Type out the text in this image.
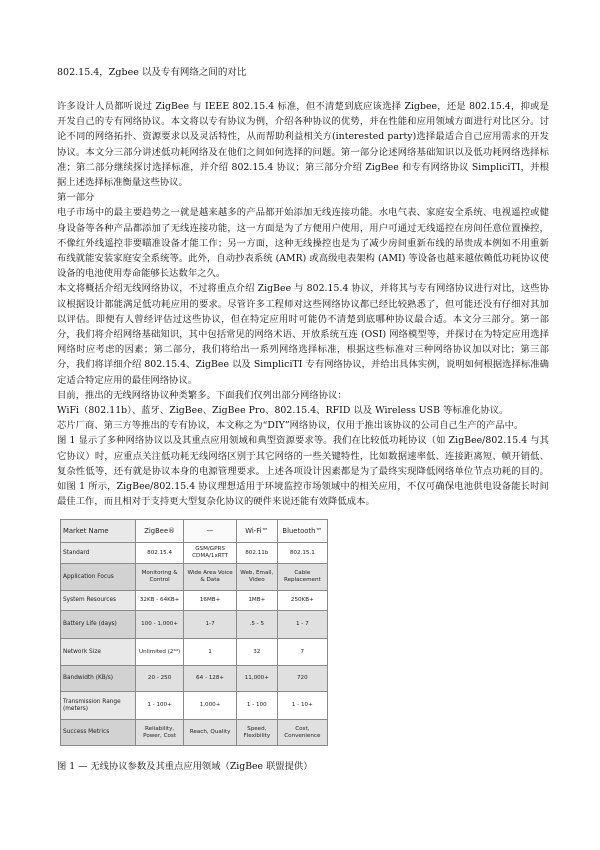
802.15.4，Zgbee 以及专有网络之间的对比

许多设计人员都听说过 ZigBee 与 IEEE 802.15.4 标准，但不清楚到底应该选择 Zigbee，还是 802.15.4，抑或是开发自己的专有网络协议。本文将以专有协议为例，介绍各种协议的优势，并在性能和应用领域方面进行对比区分。讨论不同的网络拓扑、资源要求以及灵活特性，从而帮助利益相关方(interested party)选择最适合自己应用需求的开发协议。本文分三部分讲述低功耗网络及在他们之间如何选择的问题。第一部分论述网络基础知识以及低功耗网络选择标准；第二部分继续探讨选择标准，并介绍 802.15.4 协议；第三部分介绍 ZigBee 和专有网络协议 SimpliciTI，并根据上述选择标准衡量这些协议。

第一部分

电子市场中的最主要趋势之一就是越来越多的产品都开始添加无线连接功能。水电气表、家庭安全系统、电视遥控或健身设备等各种产品都添加了无线连接功能，这一方面是为了方便用户使用，用户可通过无线遥控在房间任意位置操控，不像红外线遥控非要瞄准设备才能工作；另一方面，这种无线操控也是为了减少房间重新布线的昂贵成本例如不用重新布线就能安装家庭安全系统等。此外，自动抄表系统 (AMR) 或高级电表架构 (AMI) 等设备也越来越依赖低功耗协议使设备的电池使用寿命能够长达数年之久。

本文将概括介绍无线网络协议，不过将重点介绍 ZigBee 与 802.15.4 协议，并将其与专有网络协议进行对比，这些协议根据设计都能满足低功耗应用的要求。尽管许多工程师对这些网络协议都已经比较熟悉了，但可能还没有仔细对其加以评估。即便有人曾经评估过这些协议，但在特定应用时可能仍不清楚到底哪种协议最合适。本文分三部分。第一部分，我们将介绍网络基础知识，其中包括常见的网络术语、开放系统互连 (OSI) 网络模型等，并探讨在为特定应用选择网络时应考虑的因素；第二部分，我们将给出一系列网络选择标准，根据这些标准对三种网络协议加以对比；第三部分，我们将详细介绍 802.15.4、ZigBee 以及 SimpliciTI 专有网络协议，并给出具体实例，说明如何根据选择标准确定适合特定应用的最佳网络协议。

目前，推出的无线网络协议种类繁多。下面我们仅列出部分网络协议：

WiFi（802.11b）、蓝牙、ZigBee、ZigBee Pro、802.15.4、RFID 以及 Wireless USB 等标准化协议。

芯片厂商、第三方等推出的专有协议，本文称之为“DIY”网络协议，仅用于推出该协议的公司自己生产的产品中。

图 1 显示了多种网络协议以及其重点应用领域和典型资源要求等。我们在比较低功耗协议（如 ZigBee/802.15.4 与其它协议）时，应重点关注低功耗无线网络区别于其它网络的一些关键特性，比如数据速率低、连接距离短、帧开销低、复杂性低等，还有就是协议本身的电源管理要求。上述各项设计因素都是为了最终实现降低网络单位节点功耗的目的。如图 1 所示，ZigBee/802.15.4 协议理想适用于环境监控市场领域中的相关应用，不仅可确保电池供电设备能长时间最佳工作，而且相对于支持更大型复杂化协议的硬件来说还能有效降低成本。

Market Name	ZigBee®	—	Wi-Fi™	Bluetooth™
Standard	802.15.4	GSM/GPRS CDMA/1xRTT	802.11b	802.15.1
Application Focus	Monitoring & Control	Wide Area Voice & Data	Web, Email, Video	Cable Replacement
System Resources	32KB - 64KB+	16MB+	1MB+	250KB+
Battery Life (days)	100 - 1,000+	1-7	.5 - 5	1 - 7
Network Size	Unlimited (2⁶⁴)	1	32	7
Bandwidth (KB/s)	20 - 250	64 - 128+	11,000+	720
Transmission Range (meters)	1 - 100+	1,000+	1 - 100	1 - 10+
Success Metrics	Reliability, Power, Cost	Reach, Quality	Speed, Flexibility	Cost, Convenience

图 1 — 无线协议参数及其重点应用领域（ZigBee 联盟提供）
